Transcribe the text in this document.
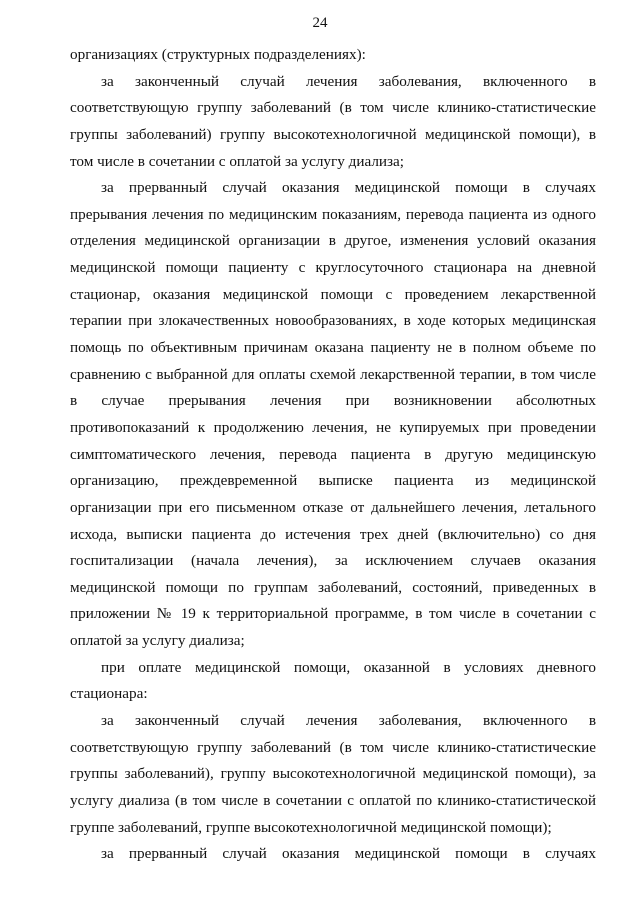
24
организациях (структурных подразделениях):
за закончeнный случай лечения заболевания, включенного в
соответствующую группу заболеваний (в том числе клинико-статистические
группы заболеваний) группу высокотехнологичной медицинской помощи), в
том числе в сочетании с оплатой за услугу диализа;
за прерванный случай оказания медицинской помощи в случаях
прерывания лечения по медицинским показаниям, перевода пациента из одного
отделения медицинской организации в другое, изменения условий оказания
медицинской помощи пациенту с круглосуточного стационара на дневной
стационар, оказания медицинской помощи с проведением лекарственной
терапии при злокачественных новообразованиях, в ходе которых медицинская
помощь по объективным причинам оказана пациенту не в полном объеме по
сравнению с выбранной для оплаты схемой лекарственной терапии, в том числе
в случае прерывания лечения при возникновении абсолютных
противопоказаний к продолжению лечения, не купируемых при проведении
симптоматического лечения, перевода пациента в другую медицинскую
организацию, преждевременной выписке пациента из медицинской
организации при его письменном отказе от дальнейшего лечения, летального
исхода, выписки пациента до истечения трех дней (включительно) со дня
госпитализации (начала лечения), за исключением случаев оказания
медицинской помощи по группам заболеваний, состояний, приведенных в
приложении № 19 к территориальной программе, в том числе в сочетании с
оплатой за услугу диализа;
при оплате медицинской помощи, оказанной в условиях дневного
стационара:
за законченный случай лечения заболевания, включенного в
соответствующую группу заболеваний (в том числе клинико-статистические
группы заболеваний), группу высокотехнологичной медицинской помощи), за
услугу диализа (в том числе в сочетании с оплатой по клинико-статистической
группе заболеваний, группе высокотехнологичной медицинской помощи);
за прерванный случай оказания медицинской помощи в случаях
